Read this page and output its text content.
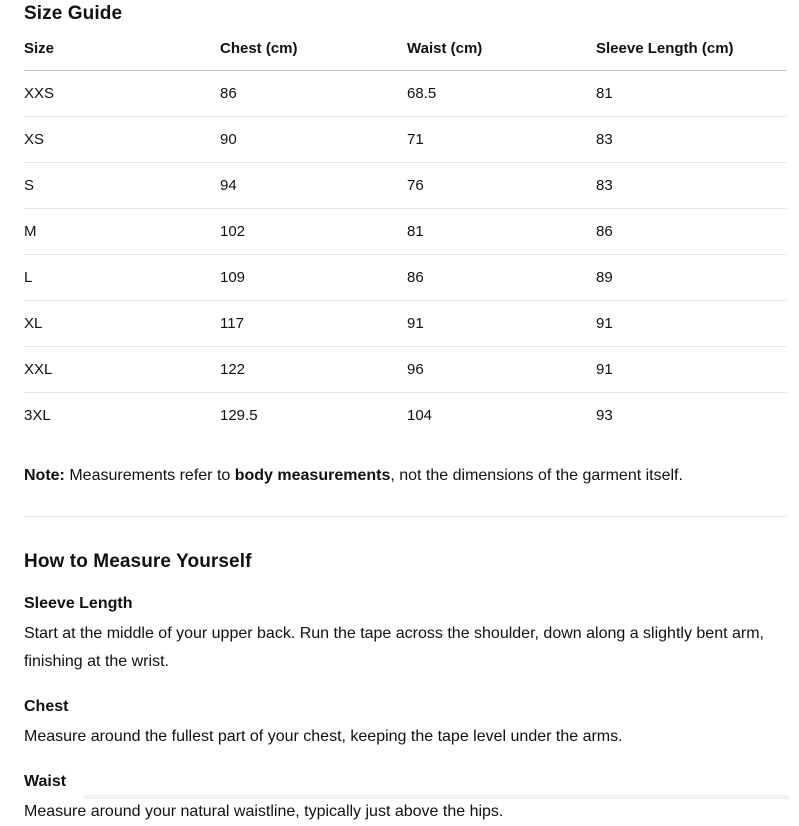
Size Guide
Size	Chest (cm)	Waist (cm)	Sleeve Length (cm)
XXS	86	68.5	81
XS	90	71	83
S	94	76	83
M	102	81	86
L	109	86	89
XL	117	91	91
XXL	122	96	91
3XL	129.5	104	93

Note: Measurements refer to body measurements, not the dimensions of the garment itself.

How to Measure Yourself
Sleeve Length

Start at the middle of your upper back. Run the tape across the shoulder, down along a slightly bent arm, finishing at the wrist.

Chest

Measure around the fullest part of your chest, keeping the tape level under the arms.

Waist

Measure around your natural waistline, typically just above the hips.
